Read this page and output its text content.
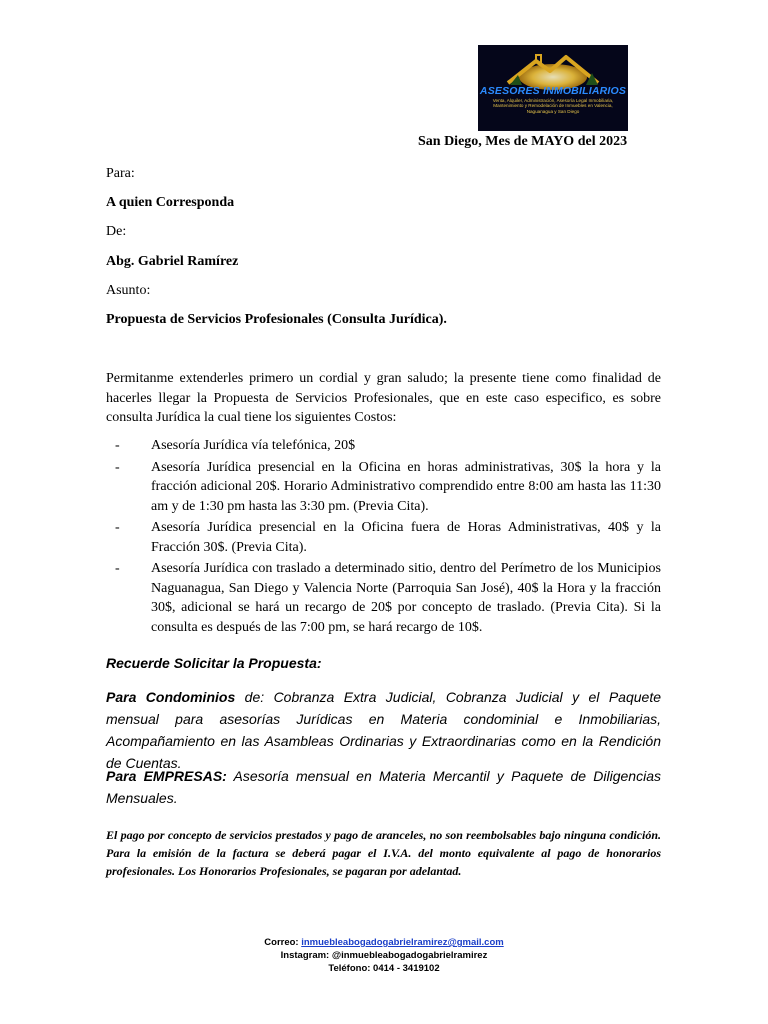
ASESORES INMOBILIARIOS
Venta, Alquiler, Administración, Asesoría Legal Inmobiliaria, Mantenimiento y Remodelación de Inmuebles en Valencia, Naguanagua y San Diego
San Diego, Mes de MAYO del 2023
Para:
A quien Corresponda
De:
Abg. Gabriel Ramírez
Asunto:
Propuesta de Servicios Profesionales (Consulta Jurídica).
Permitanme extenderles primero un cordial y gran saludo; la presente tiene como finalidad de hacerles llegar la Propuesta de Servicios Profesionales, que en este caso especifico, es sobre consulta Jurídica la cual tiene los siguientes Costos:
- Asesoría Jurídica vía telefónica, 20$
- Asesoría Jurídica presencial en la Oficina en horas administrativas, 30$ la hora y la fracción adicional 20$. Horario Administrativo comprendido entre 8:00 am hasta las 11:30 am y de 1:30 pm hasta las 3:30 pm. (Previa Cita).
- Asesoría Jurídica presencial en la Oficina fuera de Horas Administrativas, 40$ y la Fracción 30$. (Previa Cita).
- Asesoría Jurídica con traslado a determinado sitio, dentro del Perímetro de los Municipios Naguanagua, San Diego y Valencia Norte (Parroquia San José), 40$ la Hora y la fracción 30$, adicional se hará un recargo de 20$ por concepto de traslado. (Previa Cita). Si la consulta es después de las 7:00 pm, se hará recargo de 10$.
Recuerde Solicitar la Propuesta:
Para Condominios de: Cobranza Extra Judicial, Cobranza Judicial y el Paquete mensual para asesorías Jurídicas en Materia condominial e Inmobiliarias, Acompañamiento en las Asambleas Ordinarias y Extraordinarias como en la Rendición de Cuentas.
Para EMPRESAS: Asesoría mensual en Materia Mercantil y Paquete de Diligencias Mensuales.
El pago por concepto de servicios prestados y pago de aranceles, no son reembolsables bajo ninguna condición. Para la emisión de la factura se deberá pagar el I.V.A. del monto equivalente al pago de honorarios profesionales. Los Honorarios Profesionales, se pagaran por adelantad.
Correo: inmuebleabogadogabrielramirez@gmail.com
Instagram: @inmuebleabogadogabrielramirez
Teléfono: 0414 - 3419102
